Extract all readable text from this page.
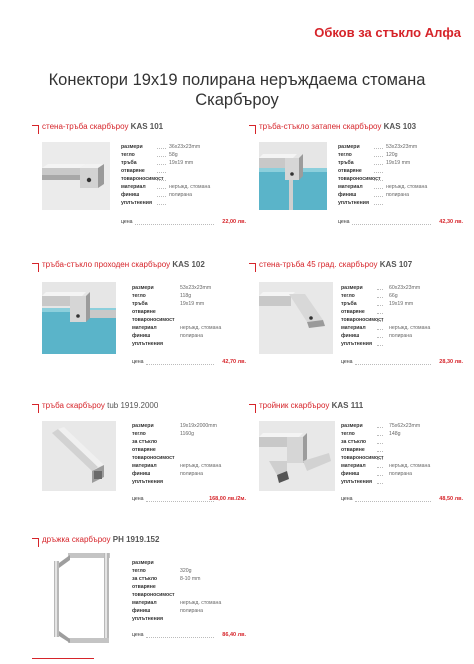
Обков за стъкло Алфа
Конектори 19х19 полирана неръждаема стомана
Скарбъроу
стена-тръба скарбъроу KAS 101
размери	36x23x23mm
тегло	58g
тръба	19x19 mm
отваряне
товароносимост
материал	неръжд. стомана
финиш	полирана
уплътнения
цена	22,00 лв.
тръба-стъкло затапен скарбъроу KAS 103
размери	53x23x23mm
тегло	120g
тръба	19x19 mm
отваряне
товароносимост
материал	неръжд. стомана
финиш	полирана
уплътнения
цена	42,30 лв.
тръба-стъкло проходен скарбъроу KAS 102
размери	53x23x23mm
тегло	118g
тръба	19x19 mm
отваряне
товароносимост
материал	неръжд. стомана
финиш	полирана
уплътнения
цена	42,70 лв.
стена-тръба 45 град. скарбъроу KAS 107
размери	60x23x23mm
тегло	66g
тръба	19x19 mm
отваряне
товароносимост
материал	неръжд. стомана
финиш	полирана
уплътнения
цена	28,30 лв.
тръба скарбъроу tub 1919.2000
размери	19x19x2000mm
тегло	1160g
за стъкло
отваряне
товароносимост
материал	неръжд. стомана
финиш	полирана
уплътнения
цена	168,00 лв./2м.
тройник скарбъроу KAS 111
размери	75x62x23mm
тегло	148g
за стъкло
отваряне
товароносимост
материал	неръжд. стомана
финиш	полирана
уплътнения
цена	48,50 лв.
дръжка скарбъроу PH 1919.152
размери
тегло	320g
за стъкло	8-10 mm
отваряне
товароносимост
материал	неръжд. стомана
финиш	полирана
уплътнения
цена	86,40 лв.
